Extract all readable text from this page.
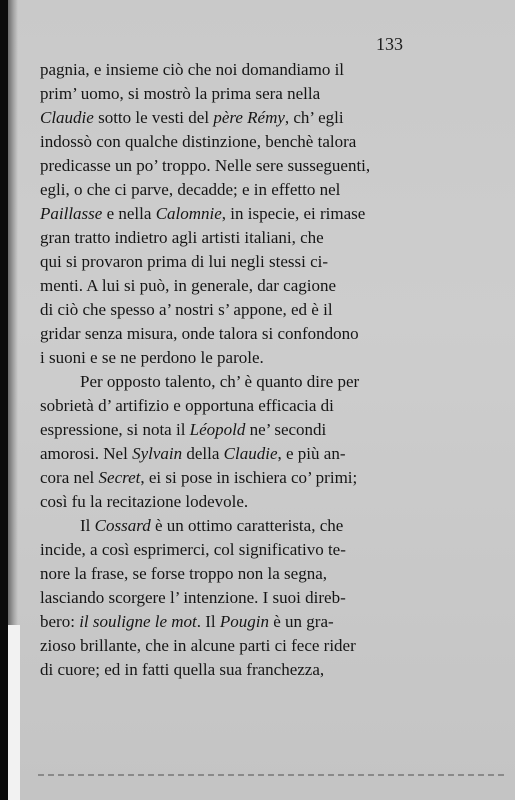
133
pagnia, e insieme ciò che noi domandiamo il
prim’ uomo, si mostrò la prima sera nella
Claudie sotto le vesti del père Rémy, ch’ egli
indossò con qualche distinzione, benchè talora
predicasse un po’ troppo. Nelle sere susseguenti,
egli, o che ci parve, decadde; e in effetto nel
Paillasse e nella Calomnie, in ispecie, ei rimase
gran tratto indietro agli artisti italiani, che
qui si provaron prima di lui negli stessi ci-
menti. A lui si può, in generale, dar cagione
di ciò che spesso a’ nostri s’ appone, ed è il
gridar senza misura, onde talora si confondono
i suoni e se ne perdono le parole.
Per opposto talento, ch’ è quanto dire per
sobrietà d’ artifizio e opportuna efficacia di
espressione, si nota il Léopold ne’ secondi
amorosi. Nel Sylvain della Claudie, e più an-
cora nel Secret, ei si pose in ischiera co’ primi;
così fu la recitazione lodevole.
Il Cossard è un ottimo caratterista, che
incide, a così esprimerci, col significativo te-
nore la frase, se forse troppo non la segna,
lasciando scorgere l’ intenzione. I suoi direb-
bero: il souligne le mot. Il Pougin è un gra-
zioso brillante, che in alcune parti ci fece rider
di cuore; ed in fatti quella sua franchezza,
